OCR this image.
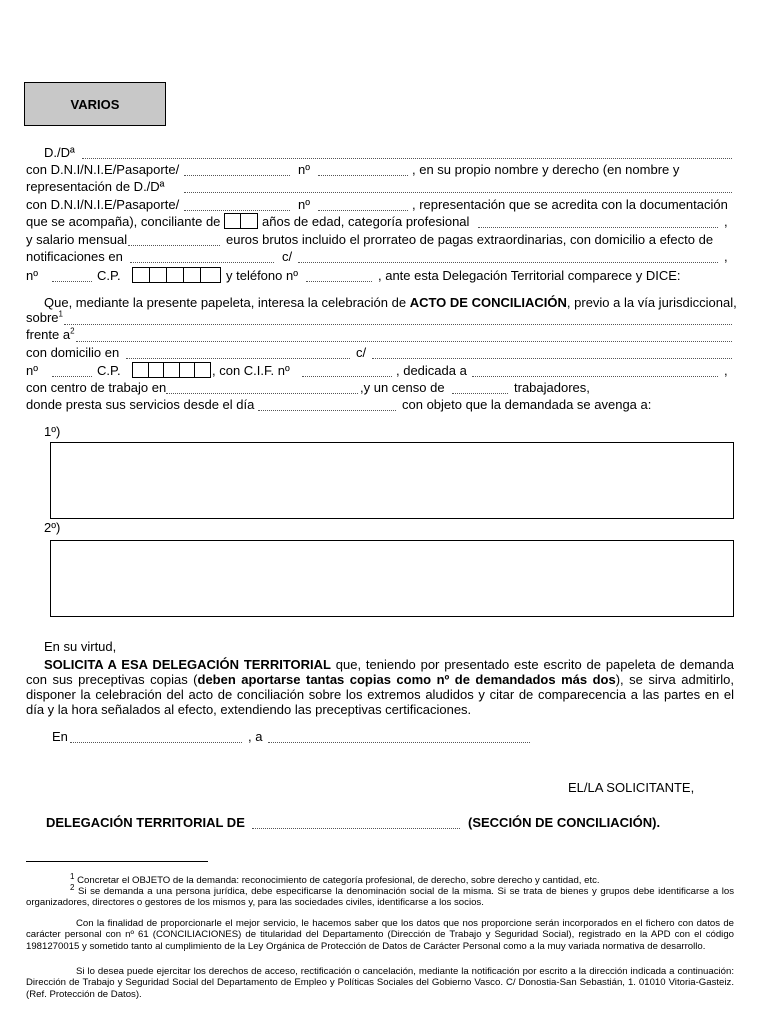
VARIOS
D./Dª
con D.N.I/N.I.E/Pasaporte/	nº	, en su propio nombre y derecho (en nombre y
representación de D./Dª
con D.N.I/N.I.E/Pasaporte/	nº	, representación que se acredita con la documentación
que se acompaña), conciliante de	años de edad, categoría profesional	,
y salario mensual	euros brutos incluido el prorrateo de pagas extraordinarias, con domicilio a efecto de
notificaciones en	c/	,
nº	C.P.	y teléfono nº	, ante esta Delegación Territorial comparece y DICE:
Que, mediante la presente papeleta, interesa la celebración de ACTO DE CONCILIACIÓN, previo a la vía jurisdiccional,
sobre$^1$
frente $a^2$
con domicilio en	c/
nº	C.P.	, con C.I.F. nº	, dedicada a	,
con centro de trabajo en	,y un censo de	trabajadores,
donde presta sus servicios desde el día	con objeto que la demandada se avenga a:
1º)
2º)
En su virtud,
SOLICITA A ESA DELEGACIÓN TERRITORIAL que, teniendo por presentado este escrito de papeleta de demanda con sus preceptivas copias (deben aportarse tantas copias como nº de demandados más dos), se sirva admitirlo, disponer la celebración del acto de conciliación sobre los extremos aludidos y citar de comparecencia a las partes en el día y la hora señalados al efecto, extendiendo las preceptivas certificaciones.
En	, a
EL/LA SOLICITANTE,
DELEGACIÓN TERRITORIAL DE	(SECCIÓN DE CONCILIACIÓN).
$^1$ Concretar el OBJETO de la demanda: reconocimiento de categoría profesional, de derecho, sobre derecho y cantidad, etc.
$^2$ Si se demanda a una persona jurídica, debe especificarse la denominación social de la misma. Si se trata de bienes y grupos debe identificarse a los organizadores, directores o gestores de los mismos y, para las sociedades civiles, identificarse a los socios.
Con la finalidad de proporcionarle el mejor servicio, le hacemos saber que los datos que nos proporcione serán incorporados en el fichero con datos de carácter personal con nº 61 (CONCILIACIONES) de titularidad del Departamento (Dirección de Trabajo y Seguridad Social), registrado en la APD con el código 1981270015 y sometido tanto al cumplimiento de la Ley Orgánica de Protección de Datos de Carácter Personal como a la muy variada normativa de desarrollo.
Si lo desea puede ejercitar los derechos de acceso, rectificación o cancelación, mediante la notificación por escrito a la dirección indicada a continuación: Dirección de Trabajo y Seguridad Social del Departamento de Empleo y Políticas Sociales del Gobierno Vasco. C/ Donostia-San Sebastián, 1. 01010 Vitoria-Gasteiz. (Ref. Protección de Datos).
